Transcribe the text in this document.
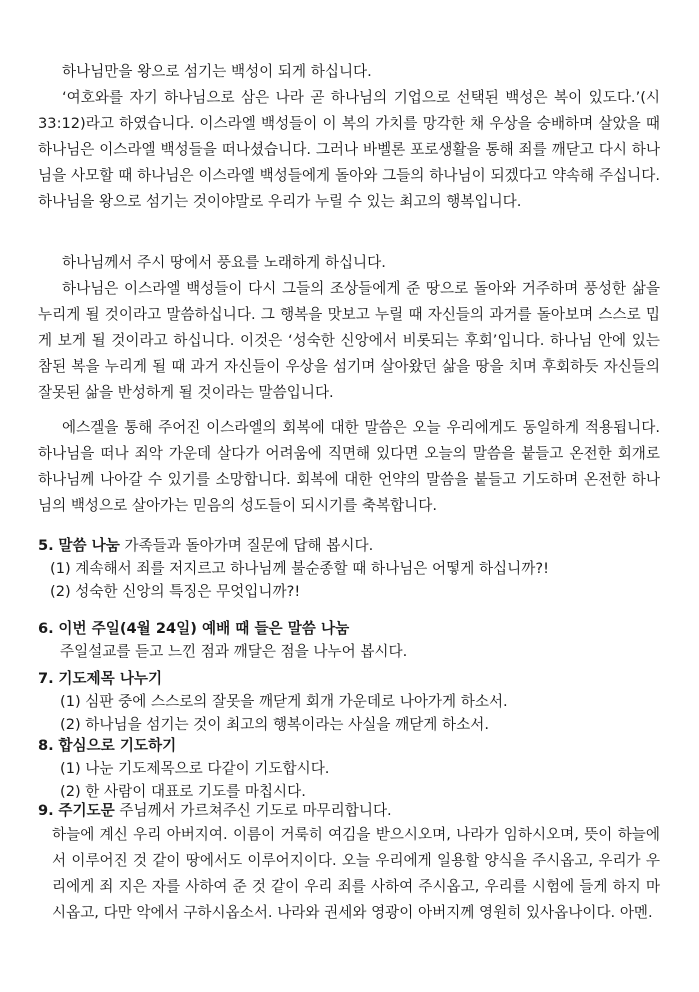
하나님만을 왕으로 섬기는 백성이 되게 하십니다.

‘여호와를 자기 하나님으로 삼은 나라 곧 하나님의 기업으로 선택된 백성은 복이 있도다.’(시33:12)라고 하였습니다. 이스라엘 백성들이 이 복의 가치를 망각한 채 우상을 숭배하며 살았을 때 하나님은 이스라엘 백성들을 떠나셨습니다. 그러나 바벨론 포로생활을 통해 죄를 깨닫고 다시 하나님을 사모할 때 하나님은 이스라엘 백성들에게 돌아와 그들의 하나님이 되겠다고 약속해 주십니다. 하나님을 왕으로 섬기는 것이야말로 우리가 누릴 수 있는 최고의 행복입니다.

하나님께서 주시 땅에서 풍요를 노래하게 하십니다.

하나님은 이스라엘 백성들이 다시 그들의 조상들에게 준 땅으로 돌아와 거주하며 풍성한 삶을 누리게 될 것이라고 말씀하십니다. 그 행복을 맛보고 누릴 때 자신들의 과거를 돌아보며 스스로 밉게 보게 될 것이라고 하십니다. 이것은 ‘성숙한 신앙에서 비롯되는 후회’입니다. 하나님 안에 있는 참된 복을 누리게 될 때 과거 자신들이 우상을 섬기며 살아왔던 삶을 땅을 치며 후회하듯 자신들의 잘못된 삶을 반성하게 될 것이라는 말씀입니다.

에스겔을 통해 주어진 이스라엘의 회복에 대한 말씀은 오늘 우리에게도 동일하게 적용됩니다. 하나님을 떠나 죄악 가운데 살다가 어려움에 직면해 있다면 오늘의 말씀을 붙들고 온전한 회개로 하나님께 나아갈 수 있기를 소망합니다. 회복에 대한 언약의 말씀을 붙들고 기도하며 온전한 하나님의 백성으로 살아가는 믿음의 성도들이 되시기를 축복합니다.

5. 말씀 나눔 가족들과 돌아가며 질문에 답해 봅시다.
(1) 계속해서 죄를 저지르고 하나님께 불순종할 때 하나님은 어떻게 하십니까?!
(2) 성숙한 신앙의 특징은 무엇입니까?!
6. 이번 주일(4월 24일) 예배 때 들은 말씀 나눔
주일설교를 듣고 느낀 점과 깨달은 점을 나누어 봅시다.
7. 기도제목 나누기
(1) 심판 중에 스스로의 잘못을 깨닫게 회개 가운데로 나아가게 하소서.
(2) 하나님을 섬기는 것이 최고의 행복이라는 사실을 깨닫게 하소서.
8. 합심으로 기도하기
(1) 나눈 기도제목으로 다같이 기도합시다.
(2) 한 사람이 대표로 기도를 마칩시다.
9. 주기도문 주님께서 가르쳐주신 기도로 마무리합니다.
하늘에 계신 우리 아버지여. 이름이 거룩히 여김을 받으시오며, 나라가 임하시오며, 뜻이 하늘에서 이루어진 것 같이 땅에서도 이루어지이다. 오늘 우리에게 일용할 양식을 주시옵고, 우리가 우리에게 죄 지은 자를 사하여 준 것 같이 우리 죄를 사하여 주시옵고, 우리를 시험에 들게 하지 마시옵고, 다만 악에서 구하시옵소서. 나라와 권세와 영광이 아버지께 영원히 있사옵나이다. 아멘.
